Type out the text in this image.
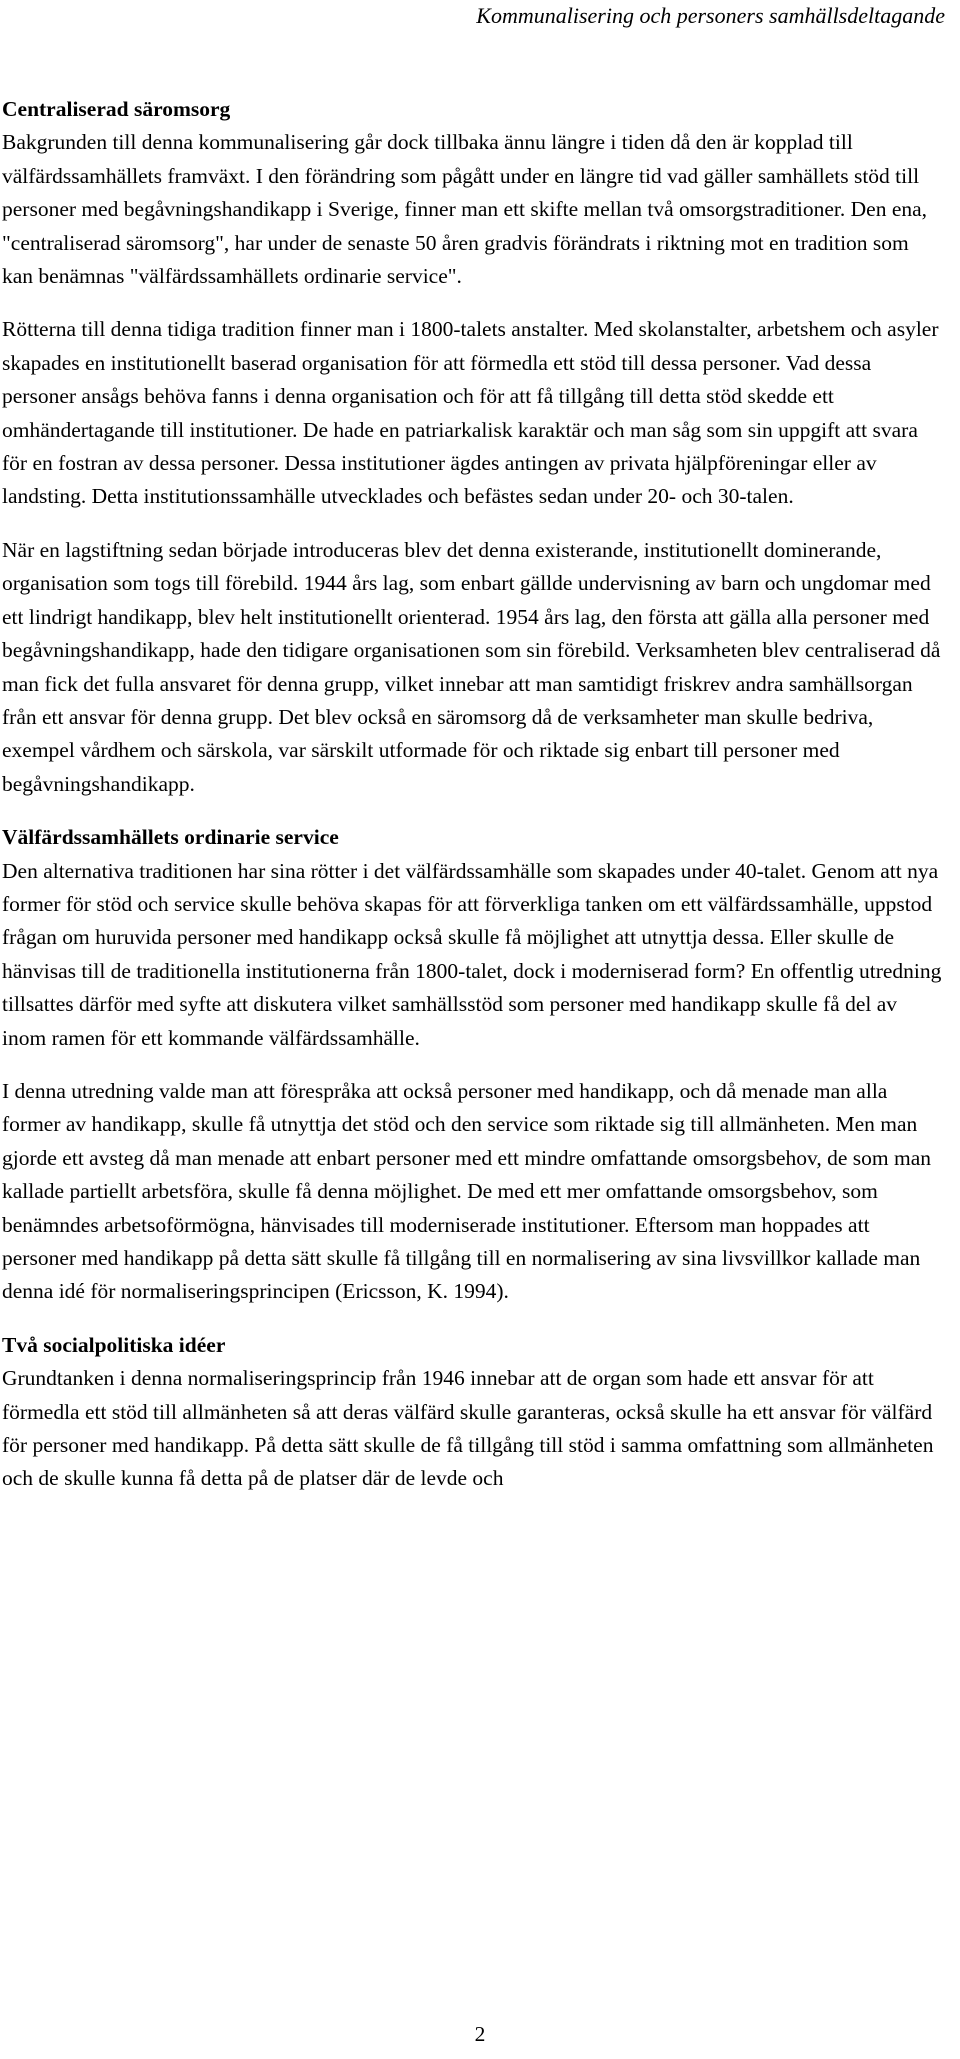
Kommunalisering och personers samhällsdeltagande
Centraliserad säromsorg

Bakgrunden till denna kommunalisering går dock tillbaka ännu längre i tiden då den är kopplad till välfärdssamhällets framväxt. I den förändring som pågått under en längre tid vad gäller samhällets stöd till personer med begåvningshandikapp i Sverige, finner man ett skifte mellan två omsorgstraditioner. Den ena, "centraliserad säromsorg", har under de senaste 50 åren gradvis förändrats i riktning mot en tradition som kan benämnas "välfärdssamhällets ordinarie service".

Rötterna till denna tidiga tradition finner man i 1800-talets anstalter. Med skolanstalter, arbetshem och asyler skapades en institutionellt baserad organisation för att förmedla ett stöd till dessa personer. Vad dessa personer ansågs behöva fanns i denna organisation och för att få tillgång till detta stöd skedde ett omhändertagande till institutioner. De hade en patriarkalisk karaktär och man såg som sin uppgift att svara för en fostran av dessa personer. Dessa institutioner ägdes antingen av privata hjälpföreningar eller av landsting. Detta institutionssamhälle utvecklades och befästes sedan under 20- och 30-talen.

När en lagstiftning sedan började introduceras blev det denna existerande, institutionellt dominerande, organisation som togs till förebild. 1944 års lag, som enbart gällde undervisning av barn och ungdomar med ett lindrigt handikapp, blev helt institutionellt orienterad. 1954 års lag, den första att gälla alla personer med begåvningshandikapp, hade den tidigare organisationen som sin förebild. Verksamheten blev centraliserad då man fick det fulla ansvaret för denna grupp, vilket innebar att man samtidigt friskrev andra samhällsorgan från ett ansvar för denna grupp. Det blev också en säromsorg då de verksamheter man skulle bedriva, exempel vårdhem och särskola, var särskilt utformade för och riktade sig enbart till personer med begåvningshandikapp.

Välfärdssamhällets ordinarie service

Den alternativa traditionen har sina rötter i det välfärdssamhälle som skapades under 40-talet. Genom att nya former för stöd och service skulle behöva skapas för att förverkliga tanken om ett välfärdssamhälle, uppstod frågan om huruvida personer med handikapp också skulle få möjlighet att utnyttja dessa. Eller skulle de hänvisas till de traditionella institutionerna från 1800-talet, dock i moderniserad form? En offentlig utredning tillsattes därför med syfte att diskutera vilket samhällsstöd som personer med handikapp skulle få del av inom ramen för ett kommande välfärdssamhälle.

I denna utredning valde man att förespråka att också personer med handikapp, och då menade man alla former av handikapp, skulle få utnyttja det stöd och den service som riktade sig till allmänheten. Men man gjorde ett avsteg då man menade att enbart personer med ett mindre omfattande omsorgsbehov, de som man kallade partiellt arbetsföra, skulle få denna möjlighet. De med ett mer omfattande omsorgsbehov, som benämndes arbetsoförmögna, hänvisades till moderniserade institutioner. Eftersom man hoppades att personer med handikapp på detta sätt skulle få tillgång till en normalisering av sina livsvillkor kallade man denna idé för normaliseringsprincipen (Ericsson, K. 1994).

Två socialpolitiska idéer

Grundtanken i denna normaliseringsprincip från 1946 innebar att de organ som hade ett ansvar för att förmedla ett stöd till allmänheten så att deras välfärd skulle garanteras, också skulle ha ett ansvar för välfärd för personer med handikapp. På detta sätt skulle de få tillgång till stöd i samma omfattning som allmänheten och de skulle kunna få detta på de platser där de levde och

2
